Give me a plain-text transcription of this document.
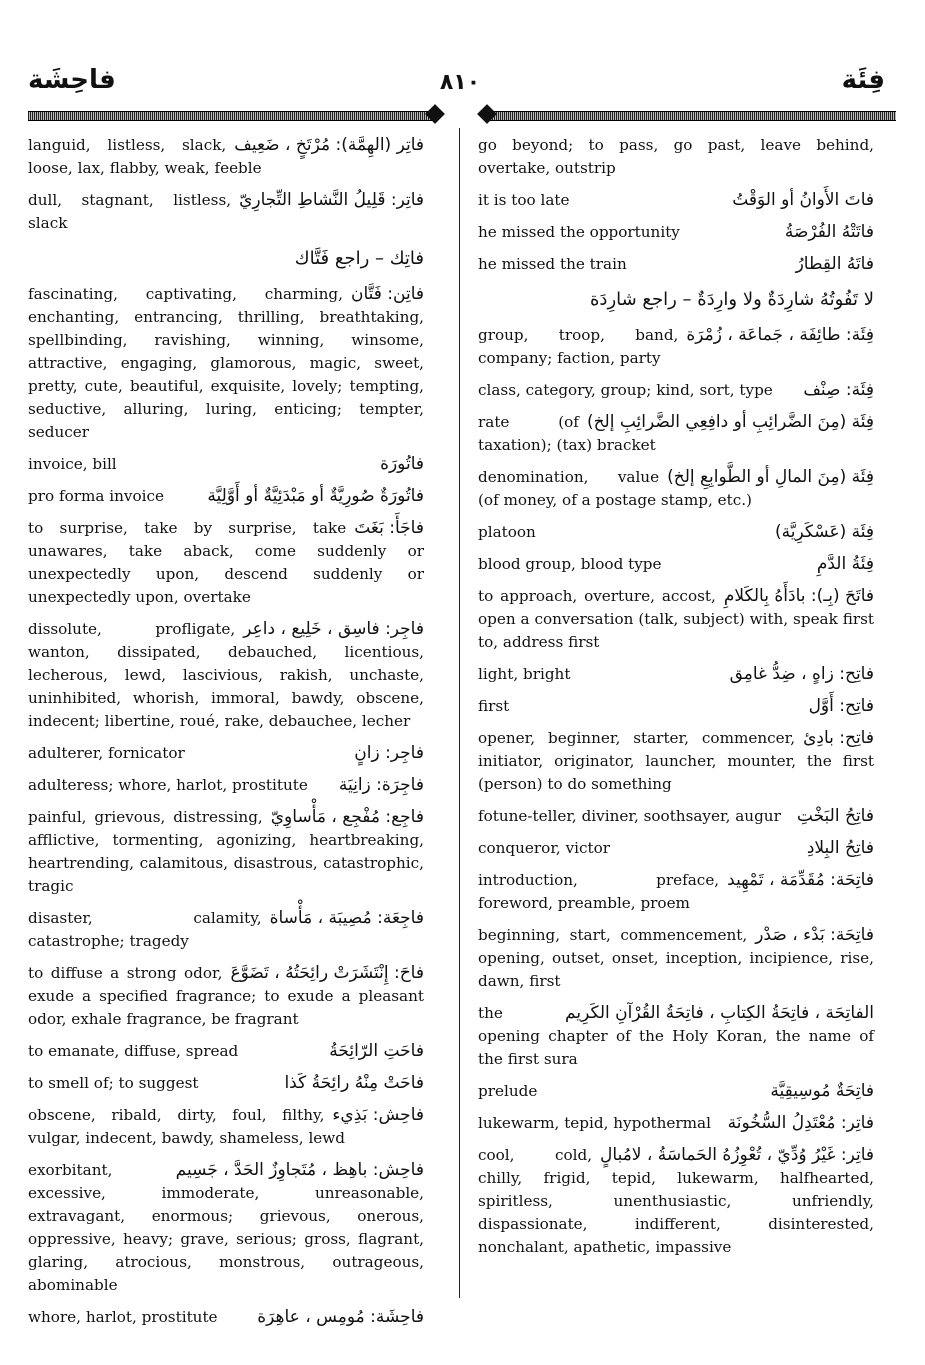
فاحِشَة	٨١٠	فِئَة
فاتِر (الهِمَّة): مُرْتَخٍ ، ضَعِيف
languid, listless, slack, loose, lax, flabby, weak, feeble
فاتِر: قَلِيلُ النَّشاطِ التِّجارِيّ
dull, stagnant, listless, slack
فاتِك – راجع فَتَّاك
فاتِن: فَتَّان
fascinating, captivating, charming, enchanting, entrancing, thrilling, breathtaking, spellbinding, ravishing, winning, winsome, attractive, engaging, glamorous, magic, sweet, pretty, cute, beautiful, exquisite, lovely; tempting, seductive, alluring, luring, enticing; tempter, seducer
فاتُورَة
invoice, bill
فاتُورَةٌ صُورِيَّةٌ أو مَبْدَئِيَّةٌ أو أَوَّلِيَّة
pro forma invoice
فاجَأَ: بَغَتَ
to surprise, take by surprise, take unawares, take aback, come suddenly or unexpectedly upon, descend suddenly or unexpectedly upon, overtake
فاجِر: فاسِق ، خَلِيع ، داعِر
dissolute, profligate, wanton, dissipated, debauched, licentious, lecherous, lewd, lascivious, rakish, unchaste, uninhibited, whorish, immoral, bawdy, obscene, indecent; libertine, roué, rake, debauchee, lecher
فاجِر: زانٍ
adulterer, fornicator
فاجِرَة: زانِيَة
adulteress; whore, harlot, prostitute
فاجِع: مُفْجِع ، مَأْساوِيّ
painful, grievous, distressing, afflictive, tormenting, agonizing, heartbreaking, heartrending, calamitous, disastrous, catastrophic, tragic
فاجِعَة: مُصِيبَة ، مَأْساة
disaster, calamity, catastrophe; tragedy
فاحَ: إِنْتَشَرَتْ رائِحَتُهُ ، تَضَوَّعَ
to diffuse a strong odor, exude a specified fragrance; to exude a pleasant odor, exhale fragrance, be fragrant
فاحَتِ الرّائِحَةُ
to emanate, diffuse, spread
فاحَتْ مِنْهُ رائِحَةُ كَذا
to smell of; to suggest
فاحِش: بَذِيء
obscene, ribald, dirty, foul, filthy, vulgar, indecent, bawdy, shameless, lewd
فاحِش: باهِظ ، مُتَجاوِزٌ الحَدَّ ، جَسِيم
exorbitant, excessive, immoderate, unreasonable, extravagant, enormous; grievous, onerous, oppressive, heavy; grave, serious; gross, flagrant, glaring, atrocious, monstrous, outrageous, abominable
فاحِشَة: مُومِس ، عاهِرَة
whore, harlot, prostitute
go beyond; to pass, go past, leave behind, overtake, outstrip
فاتَ الأَوانُ أو الوَقْتُ
it is too late
فاتَتْهُ الفُرْصَةُ
he missed the opportunity
فاتَهُ القِطارُ
he missed the train
لا تَفُوتُهُ شارِدَةٌ ولا وارِدَةٌ – راجع شارِدَة
فِئَة: طائِفَة ، جَماعَة ، زُمْرَة
group, troop, band, company; faction, party
فِئَة: صِنْف
class, category, group; kind, sort, type
فِئَة (مِنَ الضَّرائِبِ أو دافِعِي الضَّرائِبِ إلخ)
rate (of taxation); (tax) bracket
فِئَة (مِنَ المالِ أو الطَّوابِعِ إلخ)
denomination, value (of money, of a postage stamp, etc.)
فِئَة (عَسْكَرِيَّة)
platoon
فِئَةُ الدَّمِ
blood group, blood type
فاتَحَ (بِـ): بادَأَهُ بِالكَلامِ
to approach, overture, accost, open a conversation (talk, subject) with, speak first to, address first
فاتِح: زاهٍ ، ضِدُّ غامِق
light, bright
فاتِح: أَوَّل
first
فاتِح: بادِئ
opener, beginner, starter, commencer, initiator, originator, launcher, mounter, the first (person) to do something
فاتِحُ البَخْتِ
fotune-teller, diviner, soothsayer, augur
فاتِحُ البِلادِ
conqueror, victor
فاتِحَة: مُقَدِّمَة ، تَمْهِيد
introduction, preface, foreword, preamble, proem
فاتِحَة: بَدْء ، صَدْر
beginning, start, commencement, opening, outset, onset, inception, incipience, rise, dawn, first
الفاتِحَة ، فاتِحَةُ الكِتابِ ، فاتِحَةُ القُرْآنِ الكَرِيم
the opening chapter of the Holy Koran, the name of the first sura
فاتِحَةٌ مُوسِيقِيَّة
prelude
فاتِر: مُعْتَدِلُ السُّخُونَة
lukewarm, tepid, hypothermal
فاتِر: غَيْرُ وُدِّيّ ، تُعْوِزُهُ الحَماسَةُ ، لامُبالٍ
cool, cold, chilly, frigid, tepid, lukewarm, halfhearted, spiritless, unenthusiastic, unfriendly, dispassionate, indifferent, disinterested, nonchalant, apathetic, impassive
